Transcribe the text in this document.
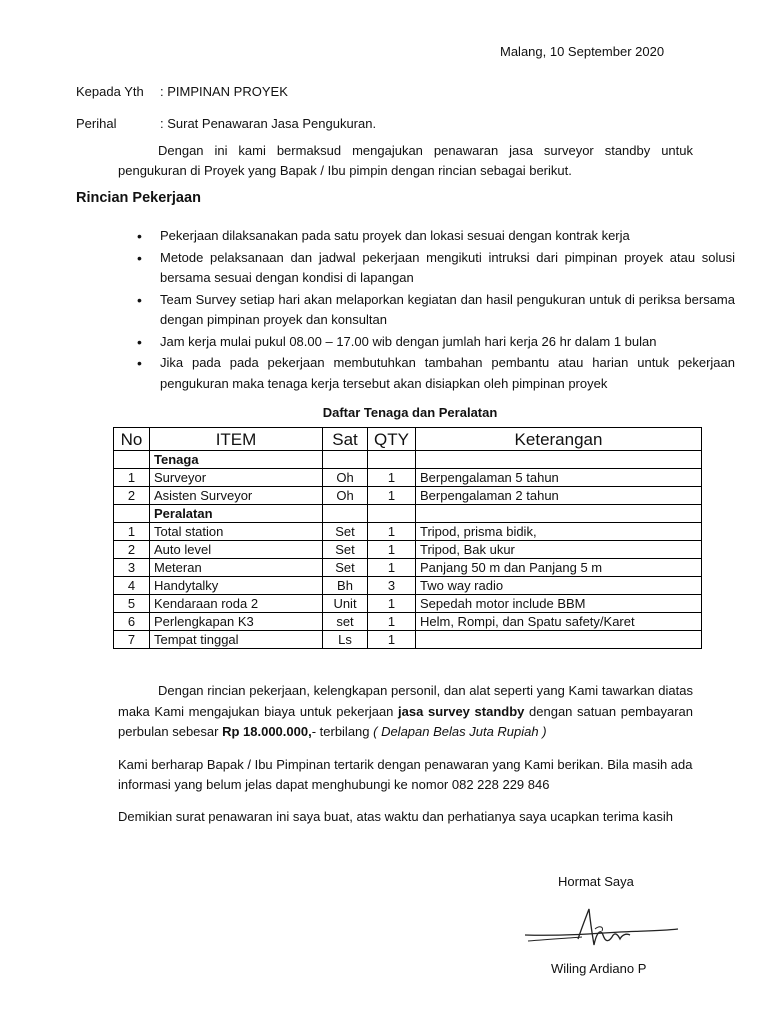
Malang, 10 September 2020
Kepada Yth : PIMPINAN PROYEK
Perihal	: Surat Penawaran Jasa Pengukuran.

Dengan ini kami bermaksud mengajukan penawaran jasa surveyor standby untuk pengukuran di Proyek yang Bapak / Ibu pimpin dengan rincian sebagai berikut.

Rincian Pekerjaan
• Pekerjaan dilaksanakan pada satu proyek dan lokasi sesuai dengan kontrak kerja
• Metode pelaksanaan dan jadwal pekerjaan mengikuti intruksi dari pimpinan proyek atau solusi bersama sesuai dengan kondisi di lapangan
• Team Survey setiap hari akan melaporkan kegiatan dan hasil pengukuran untuk di periksa bersama dengan pimpinan proyek dan konsultan
• Jam kerja mulai pukul 08.00 – 17.00 wib dengan jumlah hari kerja 26 hr dalam 1 bulan
• Jika pada pada pekerjaan membutuhkan tambahan pembantu atau harian untuk pekerjaan pengukuran maka tenaga kerja tersebut akan disiapkan oleh pimpinan proyek
Daftar Tenaga dan Peralatan
No	ITEM	Sat	QTY	Keterangan
	Tenaga			
1	Surveyor	Oh	1	Berpengalaman 5 tahun
2	Asisten Surveyor	Oh	1	Berpengalaman 2 tahun
	Peralatan			
1	Total station	Set	1	Tripod, prisma bidik,
2	Auto level	Set	1	Tripod, Bak ukur
3	Meteran	Set	1	Panjang 50 m dan Panjang 5 m
4	Handytalky	Bh	3	Two way radio
5	Kendaraan roda 2	Unit	1	Sepedah motor include BBM
6	Perlengkapan K3	set	1	Helm, Rompi, dan Spatu safety/Karet
7	Tempat tinggal	Ls	1	

Dengan rincian pekerjaan, kelengkapan personil, dan alat seperti yang Kami tawarkan diatas maka Kami mengajukan biaya untuk pekerjaan jasa survey standby dengan satuan pembayaran perbulan sebesar Rp 18.000.000,- terbilang ( Delapan Belas Juta Rupiah )

Kami berharap Bapak / Ibu Pimpinan tertarik dengan penawaran yang Kami berikan. Bila masih ada informasi yang belum jelas dapat menghubungi ke nomor 082 228 229 846

Demikian surat penawaran ini saya buat, atas waktu dan perhatianya saya ucapkan terima kasih

Hormat Saya
Wiling Ardiano P
